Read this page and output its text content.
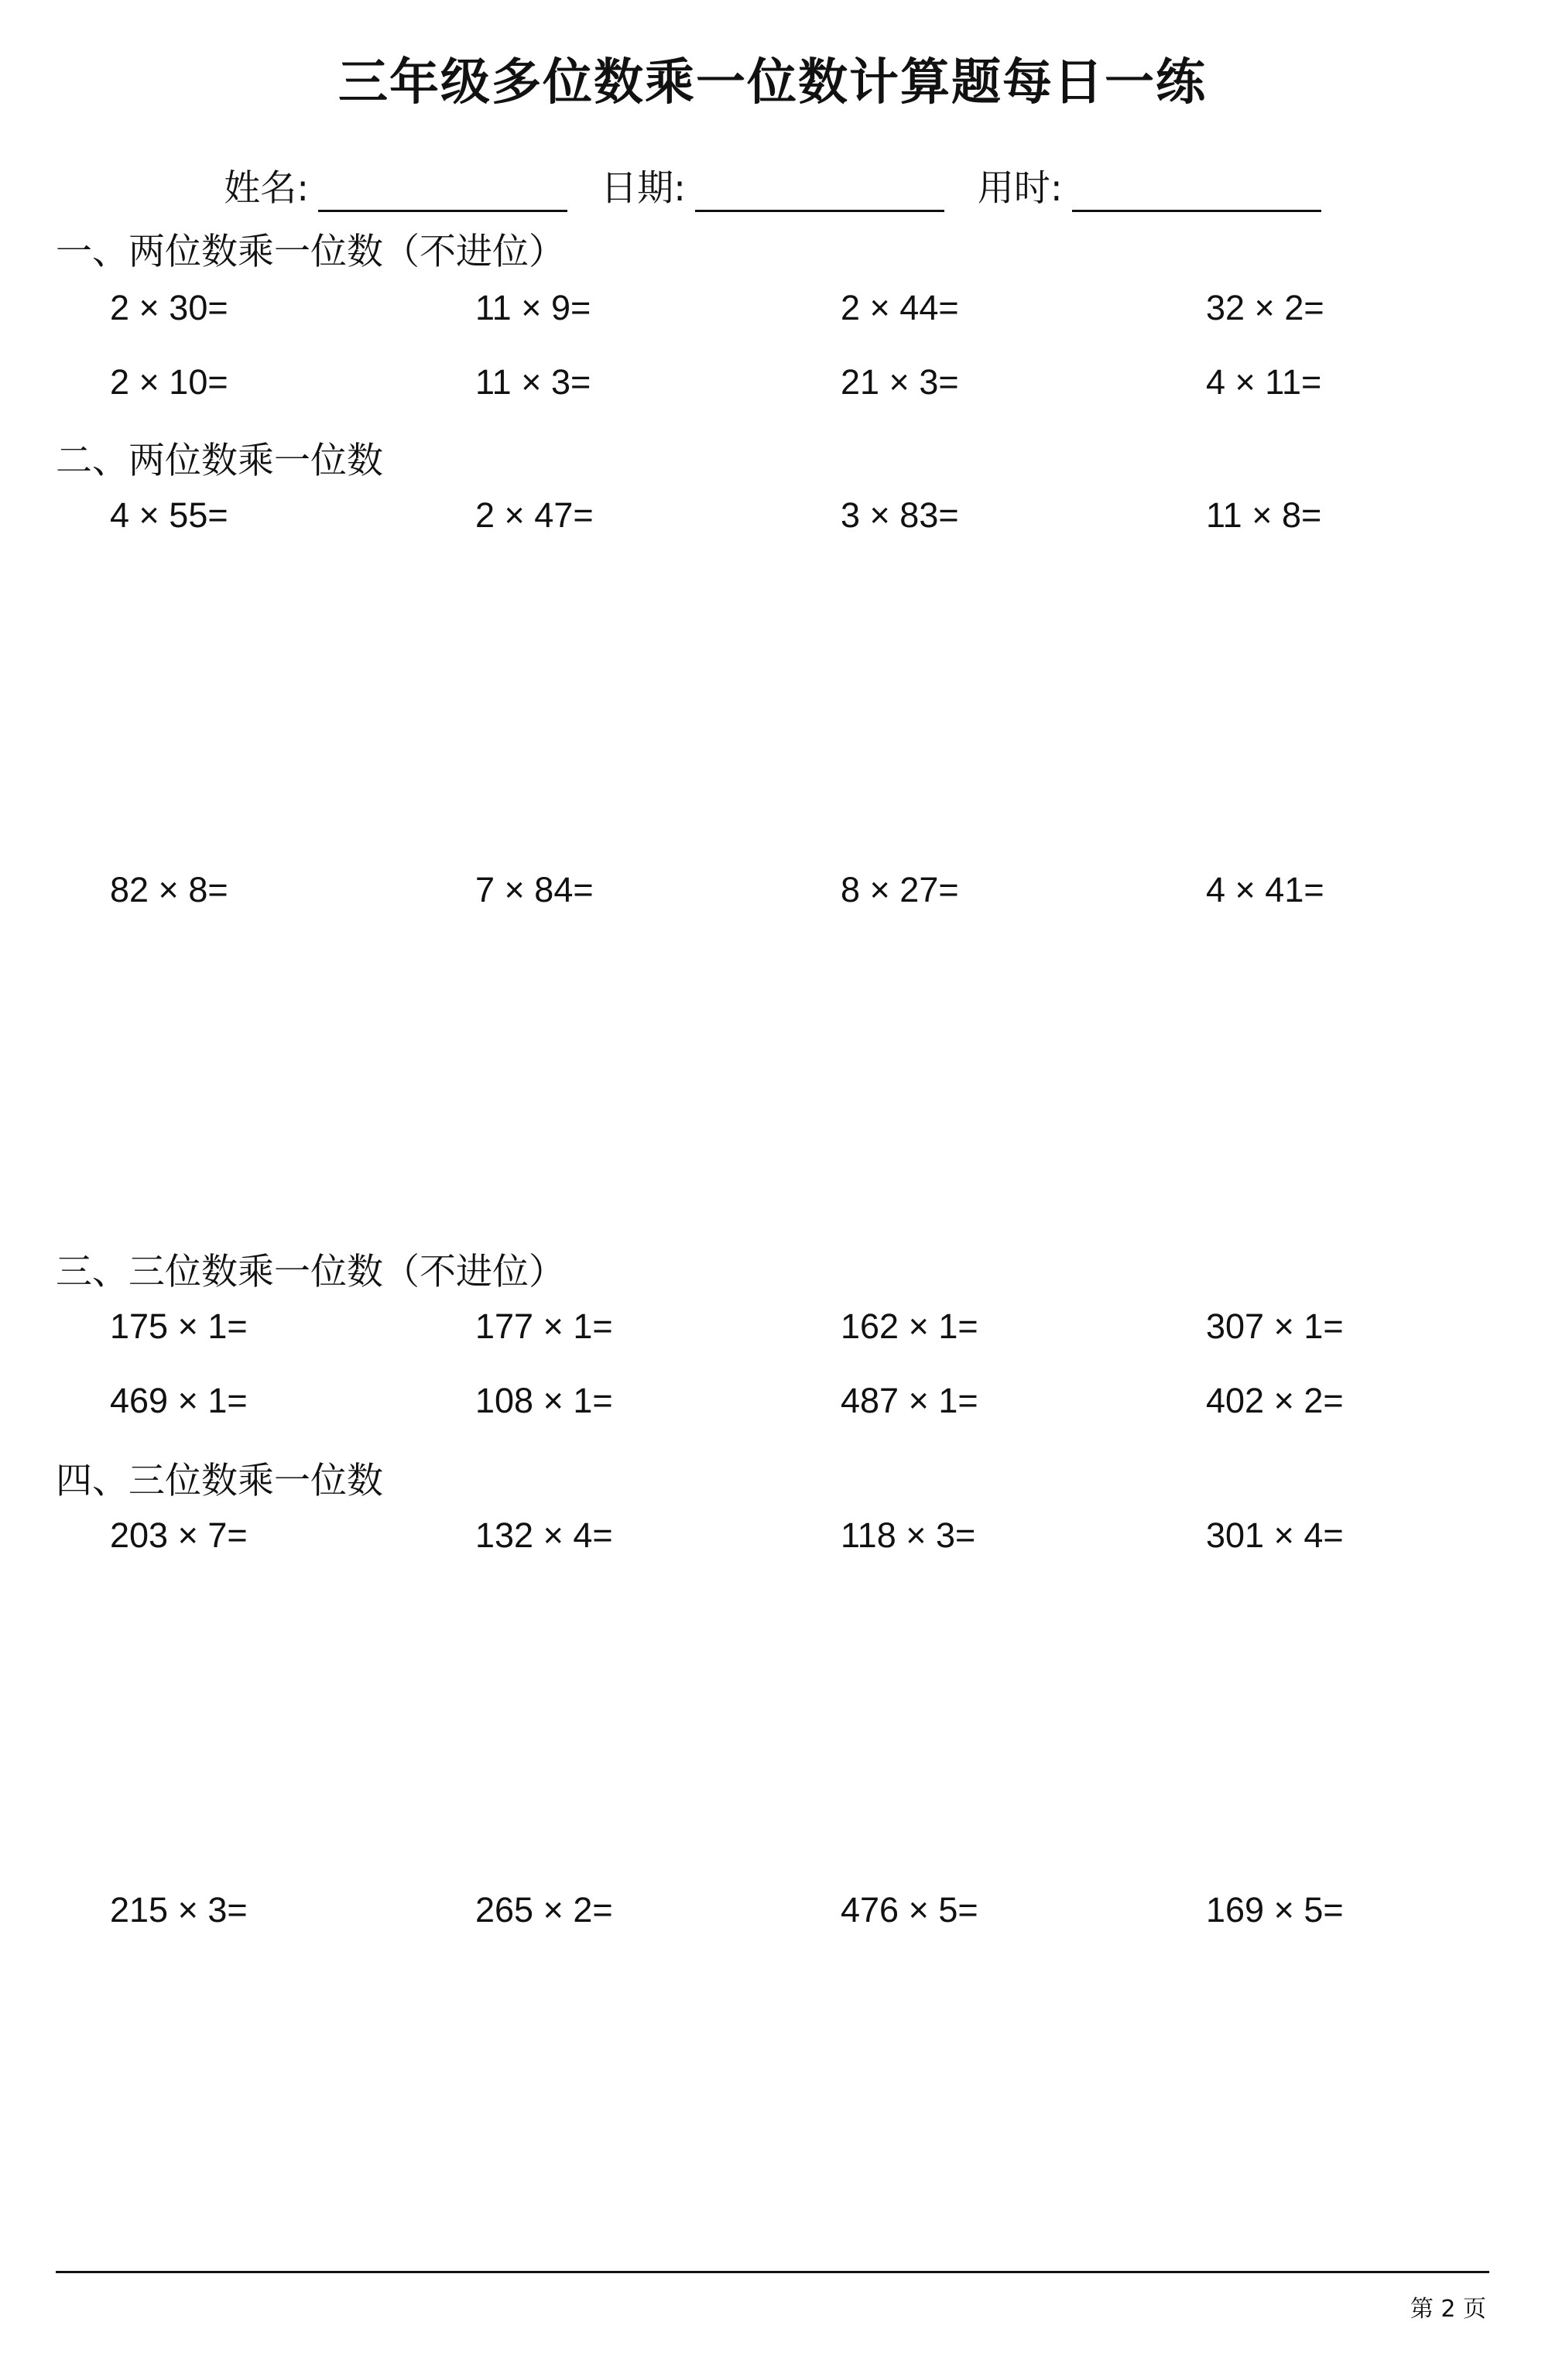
三年级多位数乘一位数计算题每日一练
姓名:	日期:	用时:
一、两位数乘一位数（不进位）
2 × 30=	11 × 9=	2 × 44=	32 × 2=
2 × 10=	11 × 3=	21 × 3=	4 × 11=
二、两位数乘一位数
4 × 55=	2 × 47=	3 × 83=	11 × 8=
82 × 8=	7 × 84=	8 × 27=	4 × 41=
三、三位数乘一位数（不进位）
175 × 1=	177 × 1=	162 × 1=	307 × 1=
469 × 1=	108 × 1=	487 × 1=	402 × 2=
四、三位数乘一位数
203 × 7=	132 × 4=	118 × 3=	301 × 4=
215 × 3=	265 × 2=	476 × 5=	169 × 5=
第 2 页
